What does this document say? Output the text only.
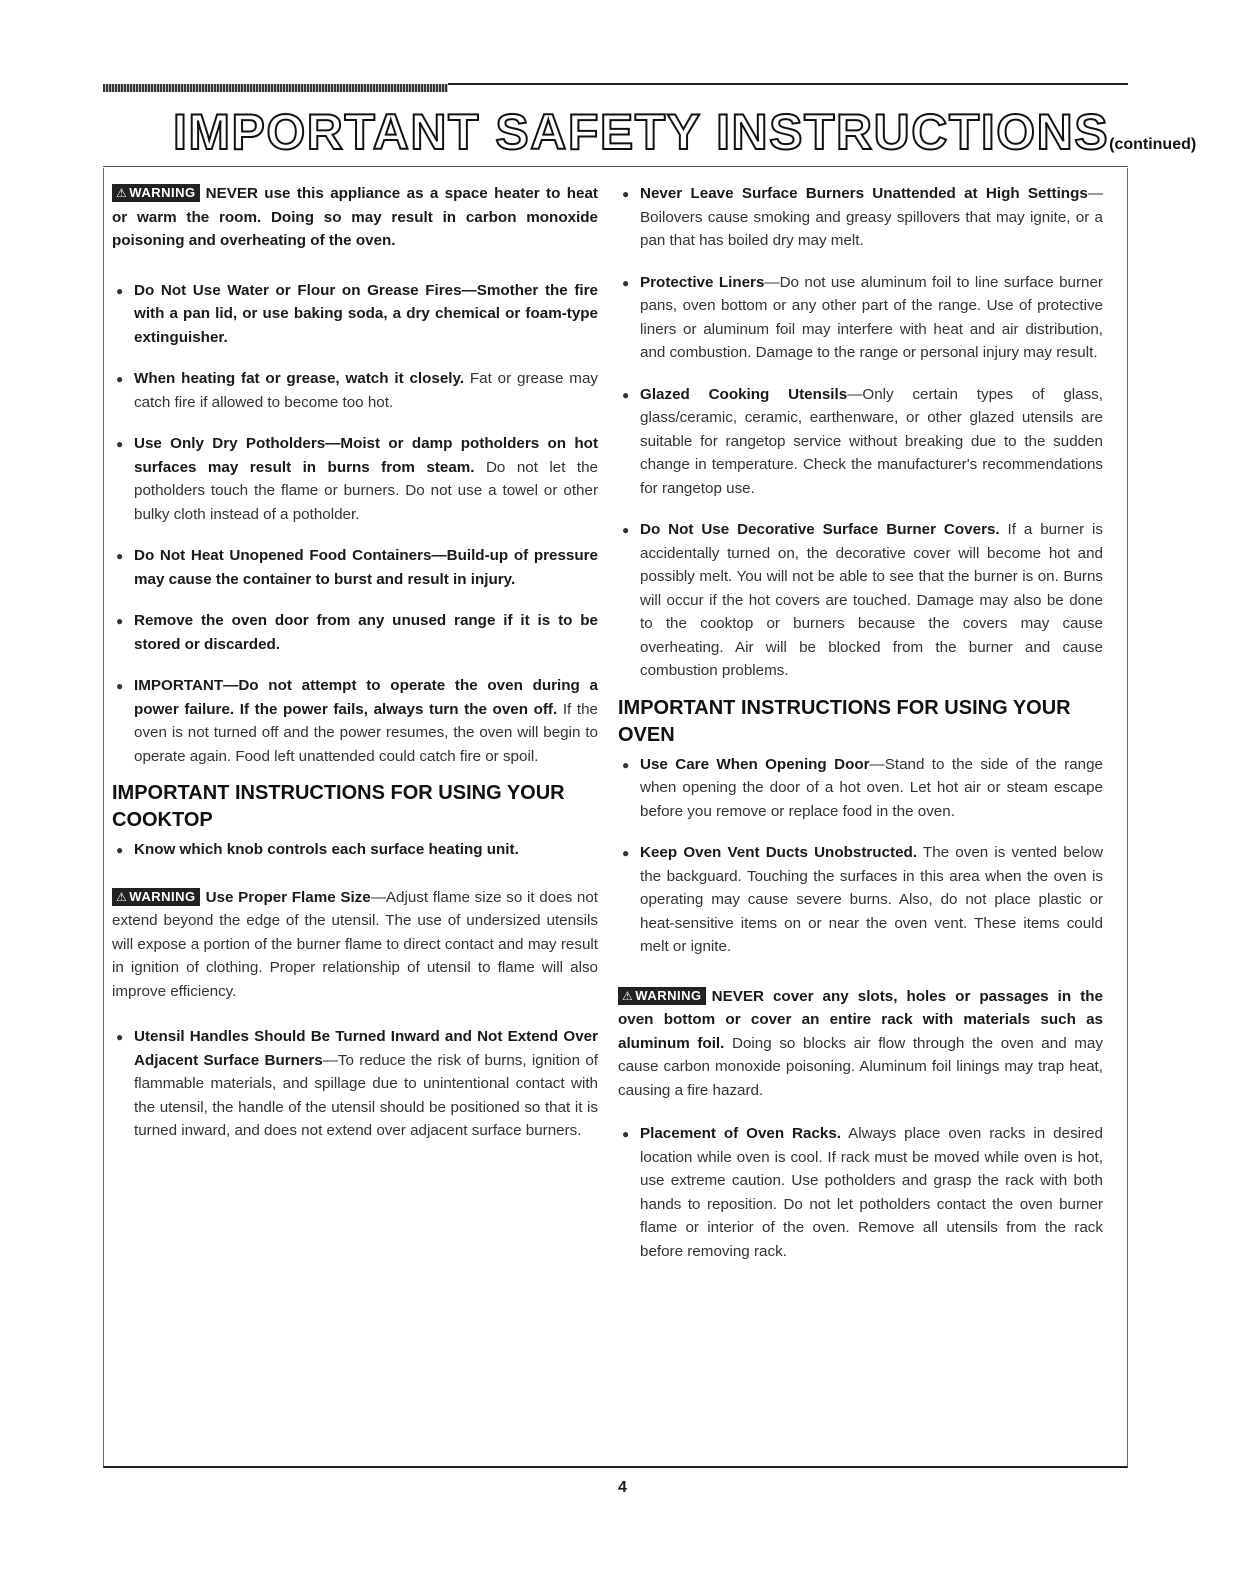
IMPORTANT SAFETY INSTRUCTIONS(continued)
⚠ WARNING NEVER use this appliance as a space heater to heat or warm the room. Doing so may result in carbon monoxide poisoning and overheating of the oven.
● Do Not Use Water or Flour on Grease Fires—Smother the fire with a pan lid, or use baking soda, a dry chemical or foam-type extinguisher.
● When heating fat or grease, watch it closely. Fat or grease may catch fire if allowed to become too hot.
● Use Only Dry Potholders—Moist or damp potholders on hot surfaces may result in burns from steam. Do not let the potholders touch the flame or burners. Do not use a towel or other bulky cloth instead of a potholder.
● Do Not Heat Unopened Food Containers—Build-up of pressure may cause the container to burst and result in injury.
● Remove the oven door from any unused range if it is to be stored or discarded.
● IMPORTANT—Do not attempt to operate the oven during a power failure. If the power fails, always turn the oven off. If the oven is not turned off and the power resumes, the oven will begin to operate again. Food left unattended could catch fire or spoil.
IMPORTANT INSTRUCTIONS FOR USING YOUR COOKTOP
● Know which knob controls each surface heating unit.
⚠ WARNING Use Proper Flame Size—Adjust flame size so it does not extend beyond the edge of the utensil. The use of undersized utensils will expose a portion of the burner flame to direct contact and may result in ignition of clothing. Proper relationship of utensil to flame will also improve efficiency.
● Utensil Handles Should Be Turned Inward and Not Extend Over Adjacent Surface Burners—To reduce the risk of burns, ignition of flammable materials, and spillage due to unintentional contact with the utensil, the handle of the utensil should be positioned so that it is turned inward, and does not extend over adjacent surface burners.
● Never Leave Surface Burners Unattended at High Settings—Boilovers cause smoking and greasy spillovers that may ignite, or a pan that has boiled dry may melt.
● Protective Liners—Do not use aluminum foil to line surface burner pans, oven bottom or any other part of the range. Use of protective liners or aluminum foil may interfere with heat and air distribution, and combustion. Damage to the range or personal injury may result.
● Glazed Cooking Utensils—Only certain types of glass, glass/ceramic, ceramic, earthenware, or other glazed utensils are suitable for rangetop service without breaking due to the sudden change in temperature. Check the manufacturer's recommendations for rangetop use.
● Do Not Use Decorative Surface Burner Covers. If a burner is accidentally turned on, the decorative cover will become hot and possibly melt. You will not be able to see that the burner is on. Burns will occur if the hot covers are touched. Damage may also be done to the cooktop or burners because the covers may cause overheating. Air will be blocked from the burner and cause combustion problems.
IMPORTANT INSTRUCTIONS FOR USING YOUR OVEN
● Use Care When Opening Door—Stand to the side of the range when opening the door of a hot oven. Let hot air or steam escape before you remove or replace food in the oven.
● Keep Oven Vent Ducts Unobstructed. The oven is vented below the backguard. Touching the surfaces in this area when the oven is operating may cause severe burns. Also, do not place plastic or heat-sensitive items on or near the oven vent. These items could melt or ignite.
⚠ WARNING NEVER cover any slots, holes or passages in the oven bottom or cover an entire rack with materials such as aluminum foil. Doing so blocks air flow through the oven and may cause carbon monoxide poisoning. Aluminum foil linings may trap heat, causing a fire hazard.
● Placement of Oven Racks. Always place oven racks in desired location while oven is cool. If rack must be moved while oven is hot, use extreme caution. Use potholders and grasp the rack with both hands to reposition. Do not let potholders contact the oven burner flame or interior of the oven. Remove all utensils from the rack before removing rack.
4
